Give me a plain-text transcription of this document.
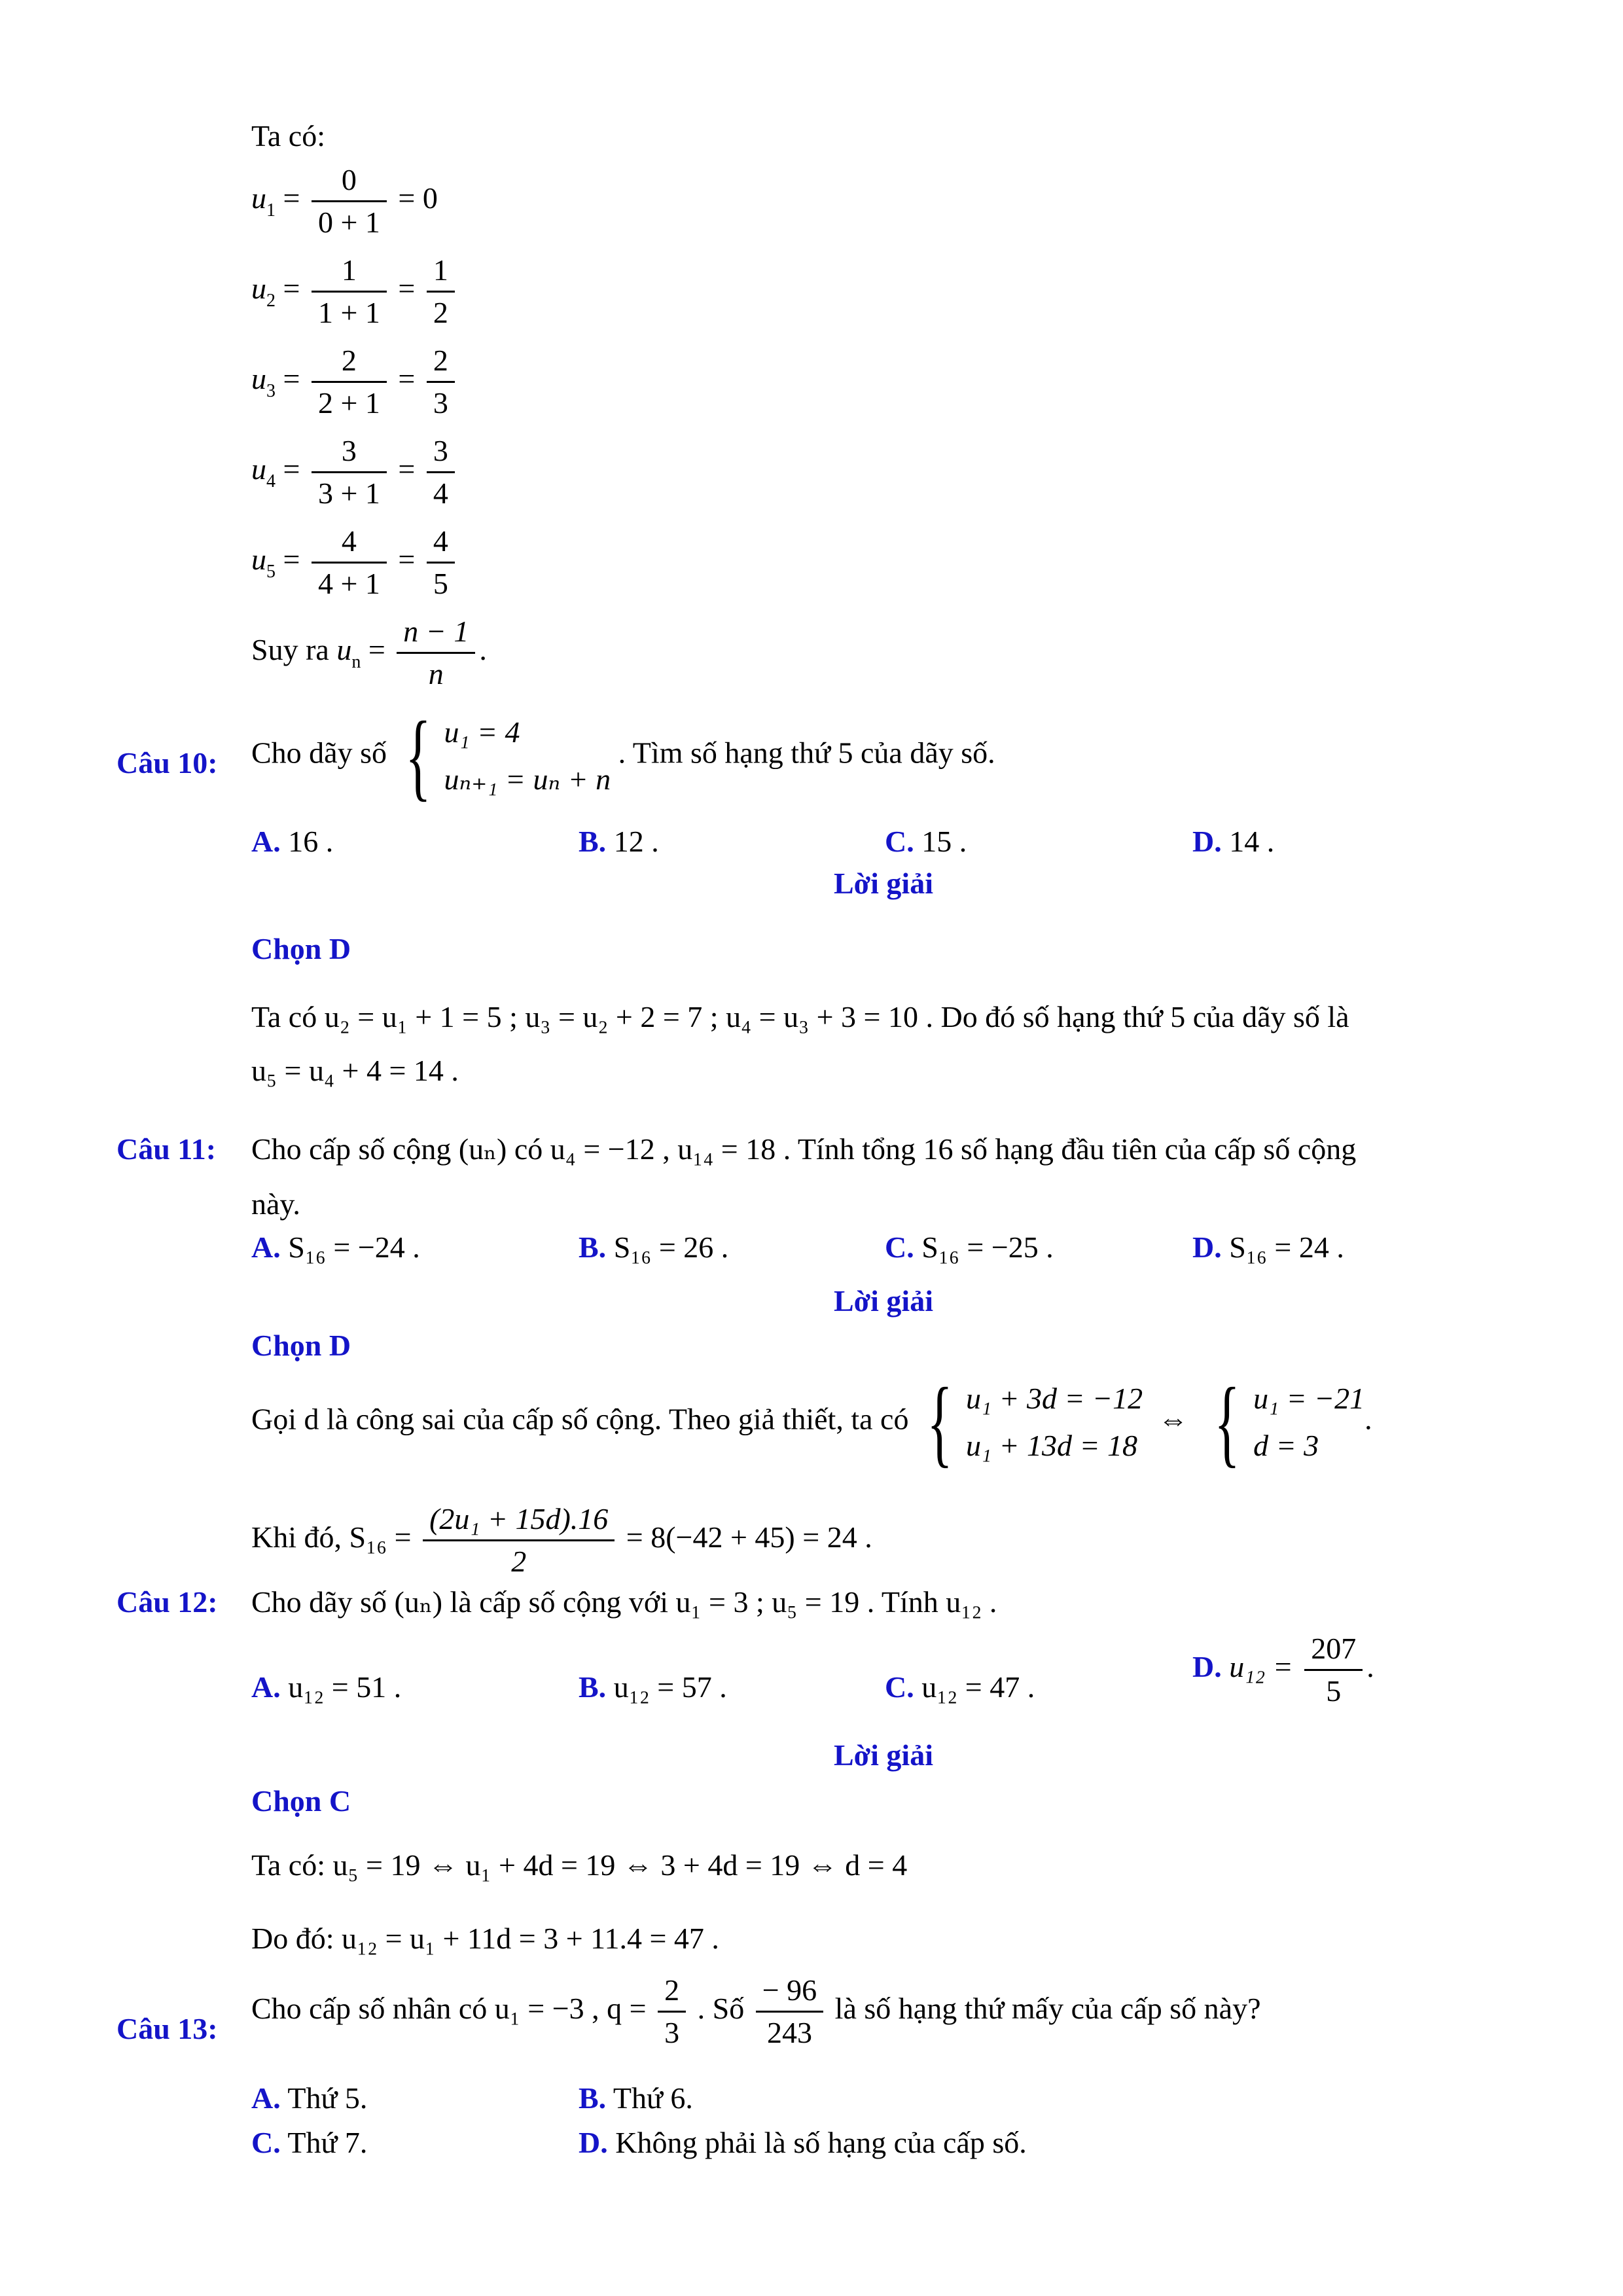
Ta có:
$u_1 = \frac{0}{0 + 1} = 0$
$u_2 = \frac{1}{1 + 1} = \frac{1}{2}$
$u_3 = \frac{2}{2 + 1} = \frac{2}{3}$
$u_4 = \frac{3}{3 + 1} = \frac{3}{4}$
$u_5 = \frac{4}{4 + 1} = \frac{4}{5}$
Suy ra $u_n = \frac{n - 1}{n}$ .
Câu 10: Cho dãy số { u₁ = 4
uₙ₊₁ = uₙ + n
. Tìm số hạng thứ 5 của dãy số.
A. 16 .	B. 12 .	C. 15 .	D. 14 .
Lời giải
Chọn D
Ta có u₂ = u₁ + 1 = 5 ; u₃ = u₂ + 2 = 7 ; u₄ = u₃ + 3 = 10 . Do đó số hạng thứ 5 của dãy số là
u₅ = u₄ + 4 = 14 .
Câu 11: Cho cấp số cộng (uₙ) có u₄ = −12 , u₁₄ = 18 . Tính tổng 16 số hạng đầu tiên của cấp số cộng
này.
A. S₁₆ = −24 .	B. S₁₆ = 26 .	C. S₁₆ = −25 .	D. S₁₆ = 24 .
Lời giải
Chọn D
Gọi d là công sai của cấp số cộng. Theo giả thiết, ta có { u₁ + 3d = −12
u₁ + 13d = 18
⇔ { u₁ = −21
d = 3
.
Khi đó, $S_{16} = \frac{\text{(2u₁ + 15d).16}}{2} = 8(-42 + 45) = 24$ .
Câu 12: Cho dãy số (uₙ) là cấp số cộng với u₁ = 3 ; u₅ = 19 . Tính u₁₂ .
A. u₁₂ = 51 .	B. u₁₂ = 57 .	C. u₁₂ = 47 .
D. $u_{12} = \frac{207}{5}$ .
Lời giải
Chọn C
Ta có: u₅ = 19 ⇔ u₁ + 4d = 19 ⇔ 3 + 4d = 19 ⇔ d = 4
Do đó: u₁₂ = u₁ + 11d = 3 + 11.4 = 47 .
Câu 13:
Cho cấp số nhân có u₁ = −3 , $q = \frac{2}{3}$ . Số $\frac{- 96}{243}$ là số hạng thứ mấy của cấp số này?
A. Thứ 5.	B. Thứ 6.
C. Thứ 7.	D. Không phải là số hạng của cấp số.
